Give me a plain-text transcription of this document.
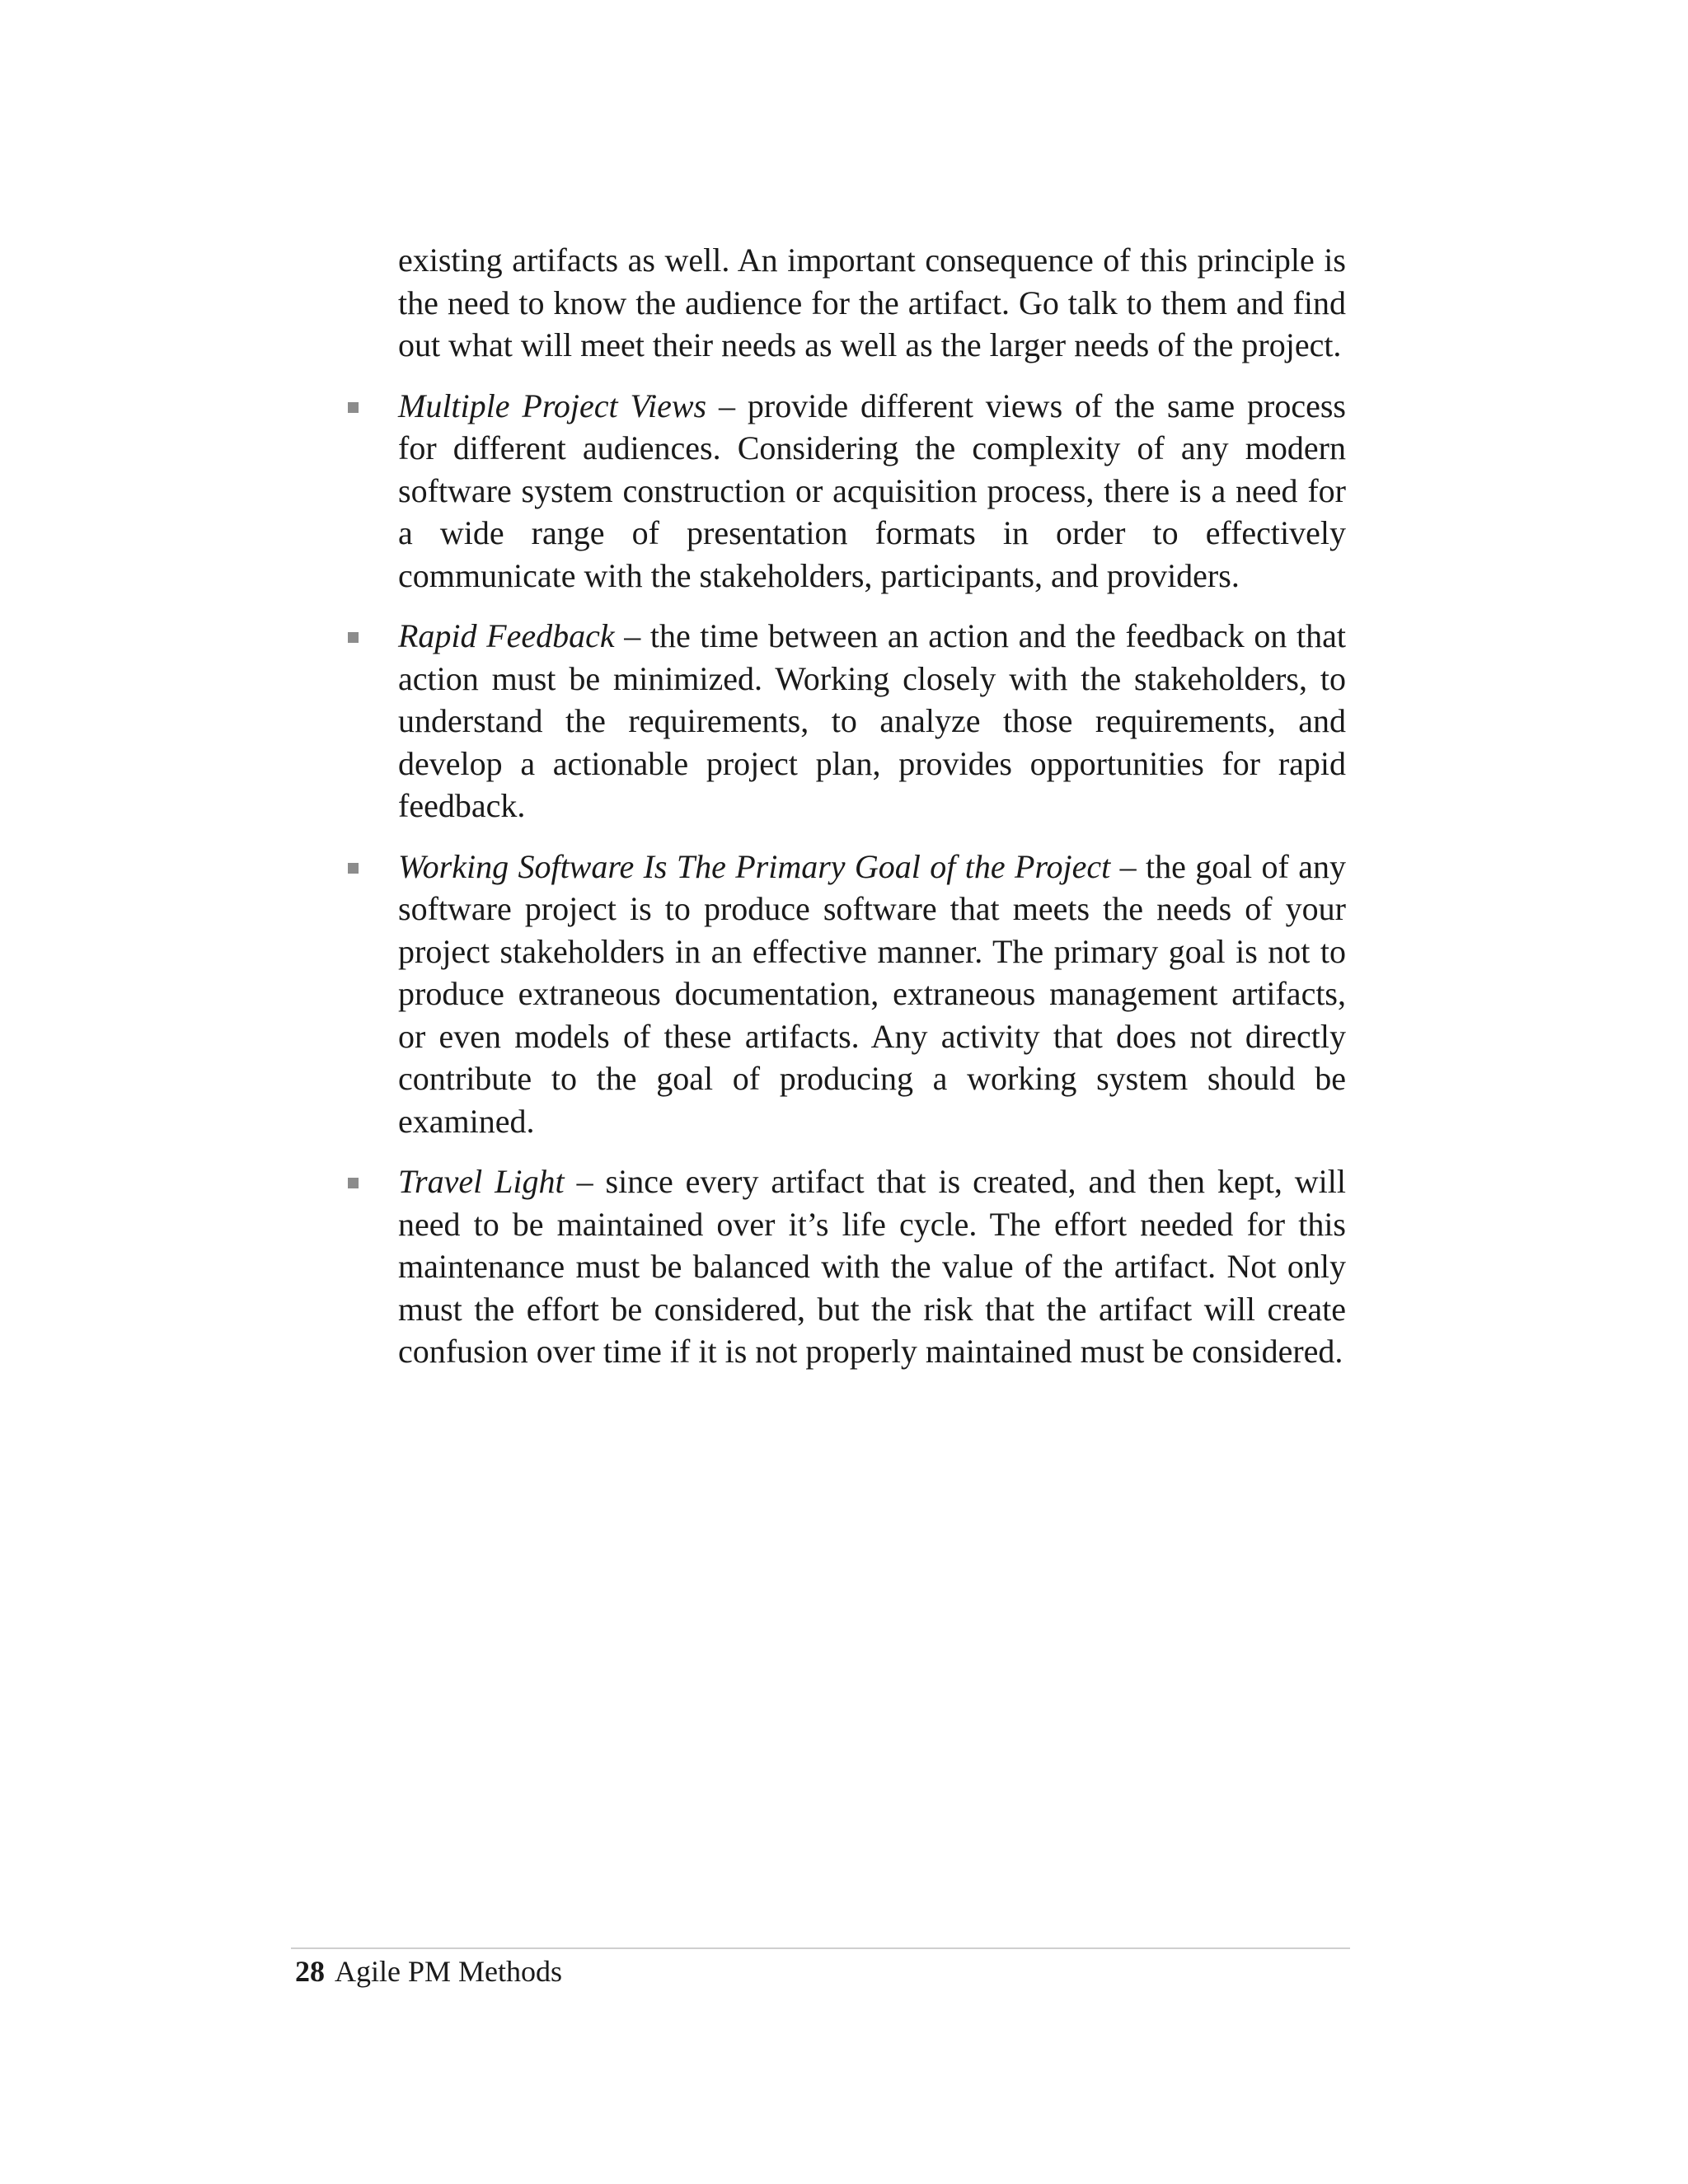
existing artifacts as well. An important consequence of this principle is the need to know the audience for the artifact. Go talk to them and find out what will meet their needs as well as the larger needs of the project.

Multiple Project Views – provide different views of the same process for different audiences. Considering the complexity of any modern software system construction or acquisition process, there is a need for a wide range of presentation formats in order to effectively communicate with the stakeholders, participants, and providers.

Rapid Feedback – the time between an action and the feedback on that action must be minimized. Working closely with the stakeholders, to understand the requirements, to analyze those requirements, and develop a actionable project plan, provides opportunities for rapid feedback.

Working Software Is The Primary Goal of the Project – the goal of any software project is to produce software that meets the needs of your project stakeholders in an effective manner. The primary goal is not to produce extraneous documentation, extraneous management artifacts, or even models of these artifacts. Any activity that does not directly contribute to the goal of producing a working system should be examined.

Travel Light – since every artifact that is created, and then kept, will need to be maintained over it’s life cycle. The effort needed for this maintenance must be balanced with the value of the artifact. Not only must the effort be considered, but the risk that the artifact will create confusion over time if it is not properly maintained must be considered.

28 Agile PM Methods
